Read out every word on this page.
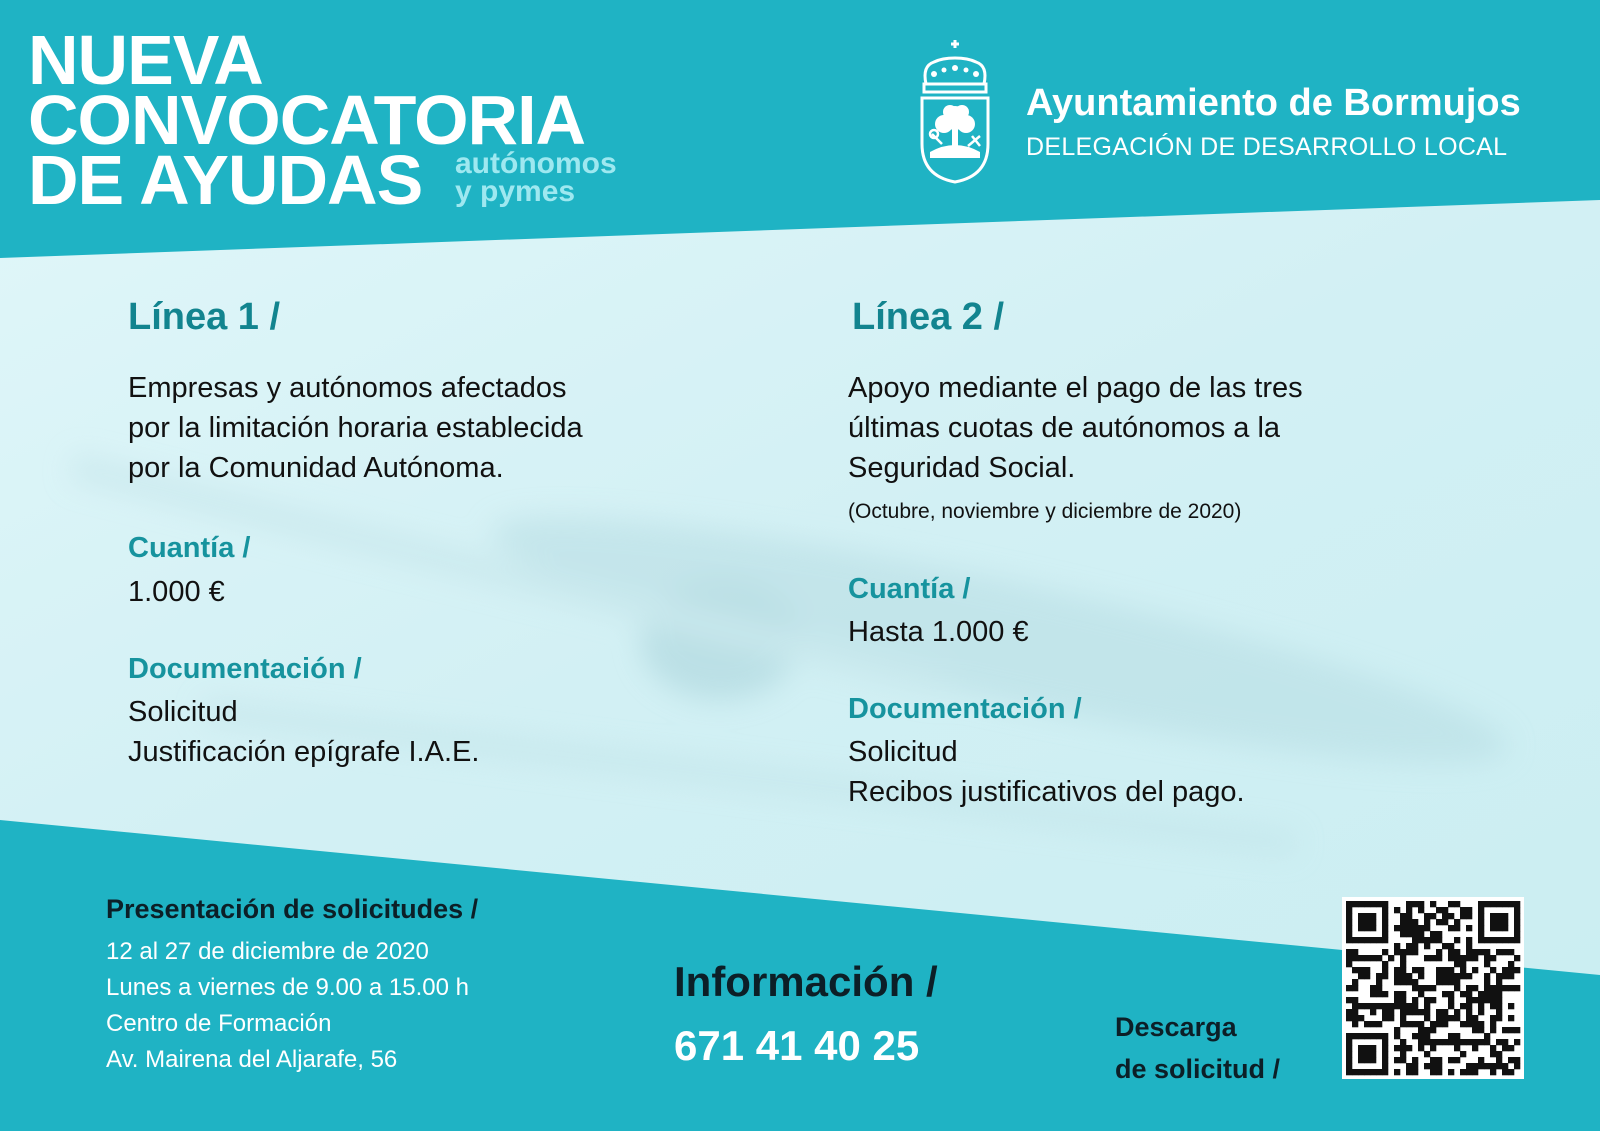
NUEVA
CONVOCATORIA
DE AYUDAS autónomos
y pymes
Ayuntamiento de Bormujos
DELEGACIÓN DE DESARROLLO LOCAL
Línea 1 /
Empresas y autónomos afectados
por la limitación horaria establecida
por la Comunidad Autónoma.
Cuantía /
1.000 €
Documentación /
Solicitud
Justificación epígrafe I.A.E.
Línea 2 /
Apoyo mediante el pago de las tres
últimas cuotas de autónomos a la
Seguridad Social.
(Octubre, noviembre y diciembre de 2020)
Cuantía /
Hasta 1.000 €
Documentación /
Solicitud
Recibos justificativos del pago.
Presentación de solicitudes /
12 al 27 de diciembre de 2020
Lunes a viernes de 9.00 a 15.00 h
Centro de Formación
Av. Mairena del Aljarafe, 56
Información /
671 41 40 25	Descarga
de solicitud /
